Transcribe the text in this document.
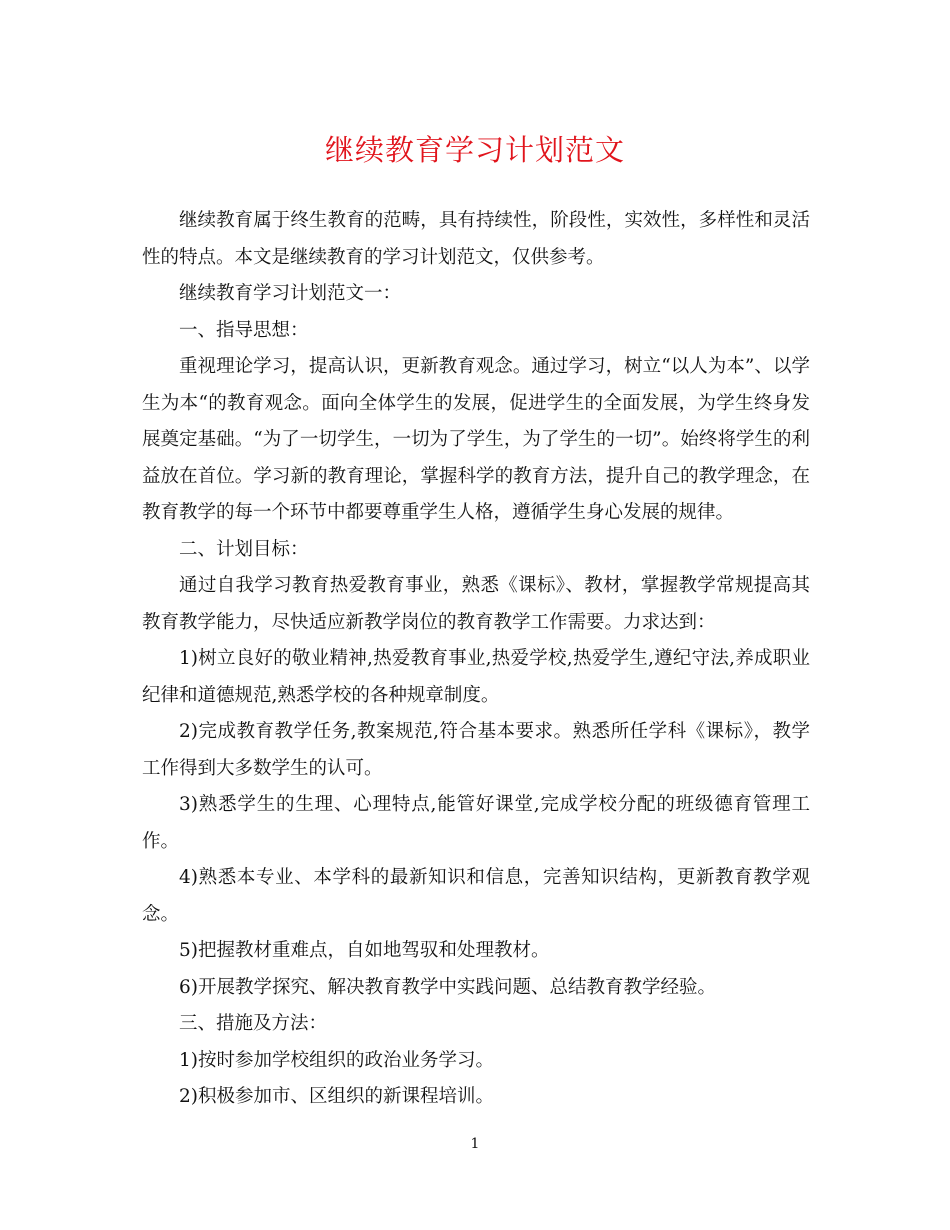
继续教育学习计划范文

继续教育属于终生教育的范畴，具有持续性，阶段性，实效性，多样性和灵活性的特点。本文是继续教育的学习计划范文，仅供参考。

继续教育学习计划范文一：

一、指导思想：

重视理论学习，提高认识，更新教育观念。通过学习，树立“以人为本”、以学生为本“的教育观念。面向全体学生的发展，促进学生的全面发展，为学生终身发展奠定基础。“为了一切学生，一切为了学生，为了学生的一切”。始终将学生的利益放在首位。学习新的教育理论，掌握科学的教育方法，提升自己的教学理念，在教育教学的每一个环节中都要尊重学生人格，遵循学生身心发展的规律。

二、计划目标：

通过自我学习教育热爱教育事业，熟悉《课标》、教材，掌握教学常规提高其教育教学能力，尽快适应新教学岗位的教育教学工作需要。力求达到：

1)树立良好的敬业精神,热爱教育事业,热爱学校,热爱学生,遵纪守法,养成职业纪律和道德规范,熟悉学校的各种规章制度。

2)完成教育教学任务,教案规范,符合基本要求。熟悉所任学科《课标》，教学工作得到大多数学生的认可。

3)熟悉学生的生理、心理特点,能管好课堂,完成学校分配的班级德育管理工作。

4)熟悉本专业、本学科的最新知识和信息，完善知识结构，更新教育教学观念。

5)把握教材重难点，自如地驾驭和处理教材。

6)开展教学探究、解决教育教学中实践问题、总结教育教学经验。

三、措施及方法：

1)按时参加学校组织的政治业务学习。

2)积极参加市、区组织的新课程培训。

1
